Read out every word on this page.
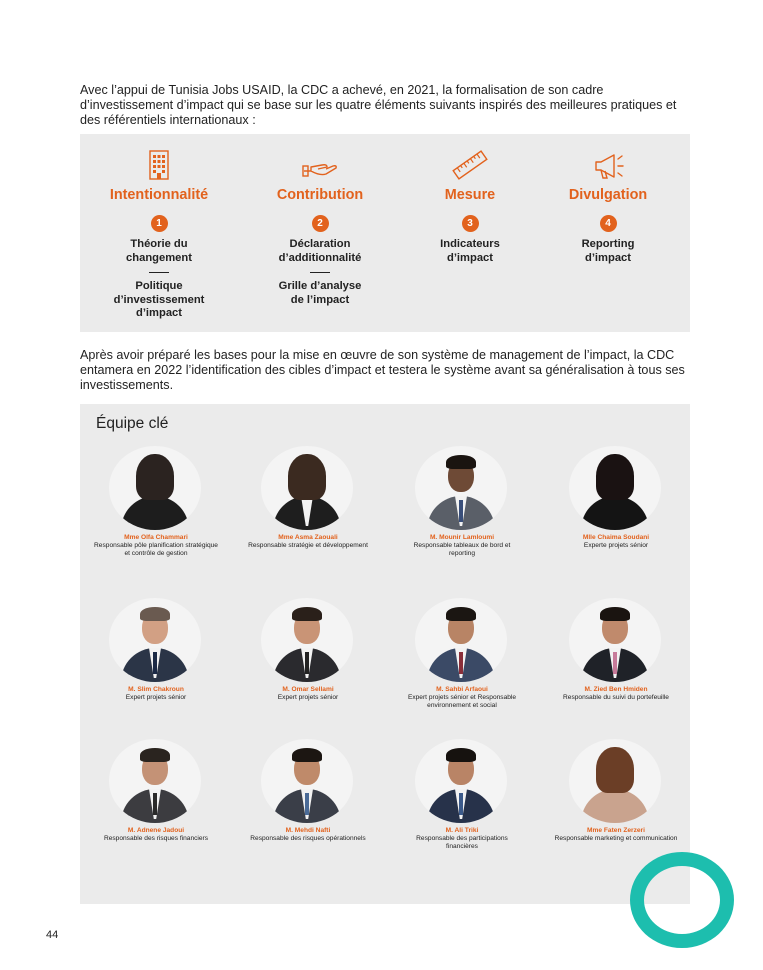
Avec l’appui de Tunisia Jobs USAID, la CDC a achevé, en 2021, la formalisation de son cadre d’investissement d’impact qui se base sur les quatre éléments suivants inspirés des meilleures pratiques et des référentiels internationaux :

Intentionnalité
1
Théorie du changement
Politique d’investissement d’impact
Contribution
2
Déclaration d’additionnalité
Grille d’analyse de l’impact
Mesure
3
Indicateurs d’impact
Divulgation
4
Reporting d’impact

Après avoir préparé les bases pour la mise en œuvre de son système de management de l’impact, la CDC entamera en 2022 l’identification des cibles d’impact et testera le système avant sa généralisation à tous ses investissements.

Équipe clé
Mme Olfa Chammari
Responsable pôle planification stratégique et contrôle de gestion
Mme Asma Zaouali
Responsable stratégie et développement
M. Mounir Lamloumi
Responsable tableaux de bord et reporting
Mlle Chaima Soudani
Experte projets sénior
M. Slim Chakroun
Expert projets sénior
M. Omar Sellami
Expert projets sénior
M. Sahbi Arfaoui
Expert projets sénior et Responsable environnement et social
M. Zied Ben Hmiden
Responsable du suivi du portefeuille
M. Adnene Jadoui
Responsable des risques financiers
M. Mehdi Nafti
Responsable des risques opérationnels
M. Ali Triki
Responsable des participations financières
Mme Faten Zerzeri
Responsable marketing et communication
44
